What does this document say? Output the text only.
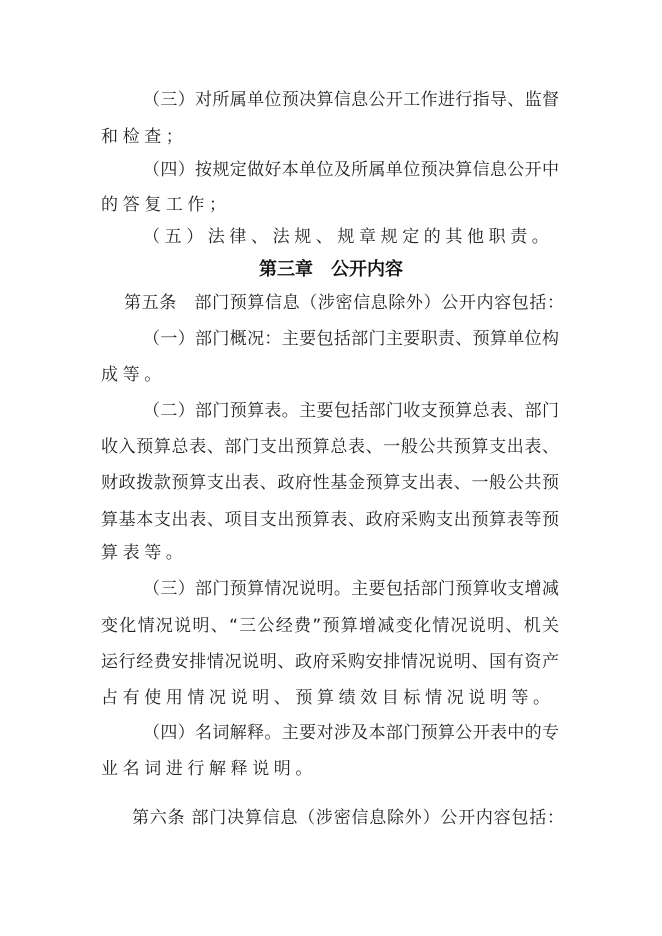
（三）对所属单位预决算信息公开工作进行指导、监督
和检查；
（四）按规定做好本单位及所属单位预决算信息公开中
的答复工作；
（五）法律、法规、规章规定的其他职责。
第三章　公开内容
第五条　部门预算信息（涉密信息除外）公开内容包括：
（一）部门概况：主要包括部门主要职责、预算单位构
成等。
（二）部门预算表。主要包括部门收支预算总表、部门
收入预算总表、部门支出预算总表、一般公共预算支出表、
财政拨款预算支出表、政府性基金预算支出表、一般公共预
算基本支出表、项目支出预算表、政府采购支出预算表等预
算表等。
（三）部门预算情况说明。主要包括部门预算收支增减
变化情况说明、“三公经费”预算增减变化情况说明、机关
运行经费安排情况说明、政府采购安排情况说明、国有资产
占有使用情况说明、预算绩效目标情况说明等。
（四）名词解释。主要对涉及本部门预算公开表中的专
业名词进行解释说明。
第六条 部门决算信息（涉密信息除外）公开内容包括：
